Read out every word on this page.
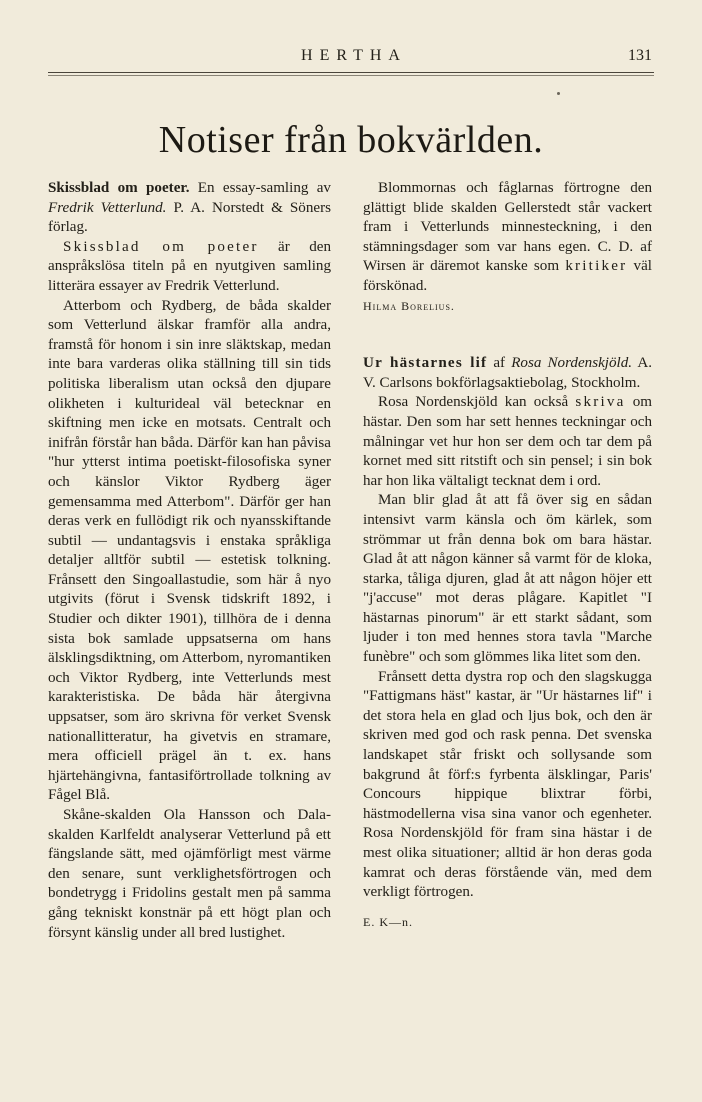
HERTHA	131
Notiser från bokvärlden.

Skissblad om poeter. En essay-samling av Fredrik Vetterlund. P. A. Norstedt & Söners förlag.

Skissblad om poeter är den anspråkslösa titeln på en nyutgiven samling litterära essayer av Fredrik Vetterlund.

Atterbom och Rydberg, de båda skalder som Vetterlund älskar framför alla andra, framstå för honom i sin inre släktskap, medan inte bara varderas olika ställning till sin tids politiska liberalism utan också den djupare olikheten i kulturideal väl betecknar en skiftning men icke en motsats. Centralt och inifrån förstår han båda. Därför kan han påvisa "hur ytterst intima poetiskt-filosofiska syner och känslor Viktor Rydberg äger gemensamma med Atterbom". Därför ger han deras verk en fullödigt rik och nyansskiftande subtil — undantagsvis i enstaka språkliga detaljer alltför subtil — estetisk tolkning. Frånsett den Singoallastudie, som här å nyo utgivits (förut i Svensk tidskrift 1892, i Studier och dikter 1901), tillhöra de i denna sista bok samlade uppsatserna om hans älsklingsdiktning, om Atterbom, nyromantiken och Viktor Rydberg, inte Vetterlunds mest karakteristiska. De båda här återgivna uppsatser, som äro skrivna för verket Svensk nationallitteratur, ha givetvis en stramare, mera officiell prägel än t. ex. hans hjärtehängivna, fantasiförtrollade tolkning av Fågel Blå.

Skåne-skalden Ola Hansson och Dala-skalden Karlfeldt analyserar Vetterlund på ett fängslande sätt, med ojämförligt mest värme den senare, sunt verklighetsförtrogen och bondetrygg i Fridolins gestalt men på samma gång tekniskt konstnär på ett högt plan och försynt känslig under all bred lustighet.

Blommornas och fåglarnas förtrogne den glättigt blide skalden Gellerstedt står vackert fram i Vetterlunds minnesteckning, i den stämningsdager som var hans egen. C. D. af Wirsen är däremot kanske som kritiker väl förskönad.

Hilma Borelius.

Ur hästarnes lif af Rosa Nordenskjöld. A. V. Carlsons bokförlagsaktiebolag, Stockholm.

Rosa Nordenskjöld kan också skriva om hästar. Den som har sett hennes teckningar och målningar vet hur hon ser dem och tar dem på kornet med sitt ritstift och sin pensel; i sin bok har hon lika vältaligt tecknat dem i ord.

Man blir glad åt att få över sig en sådan intensivt varm känsla och öm kärlek, som strömmar ut från denna bok om bara hästar. Glad åt att någon känner så varmt för de kloka, starka, tåliga djuren, glad åt att någon höjer ett "j'accuse" mot deras plågare. Kapitlet "I hästarnas pinorum" är ett starkt sådant, som ljuder i ton med hennes stora tavla "Marche funèbre" och som glömmes lika litet som den.

Frånsett detta dystra rop och den slagskugga "Fattigmans häst" kastar, är "Ur hästarnes lif" i det stora hela en glad och ljus bok, och den är skriven med god och rask penna. Det svenska landskapet står friskt och sollysande som bakgrund åt förf:s fyrbenta älsklingar, Paris' Concours hippique blixtrar förbi, hästmodellerna visa sina vanor och egenheter. Rosa Nordenskjöld för fram sina hästar i de mest olika situationer; alltid är hon deras goda kamrat och deras förstående vän, med dem verkligt förtrogen.

E. K—n.
